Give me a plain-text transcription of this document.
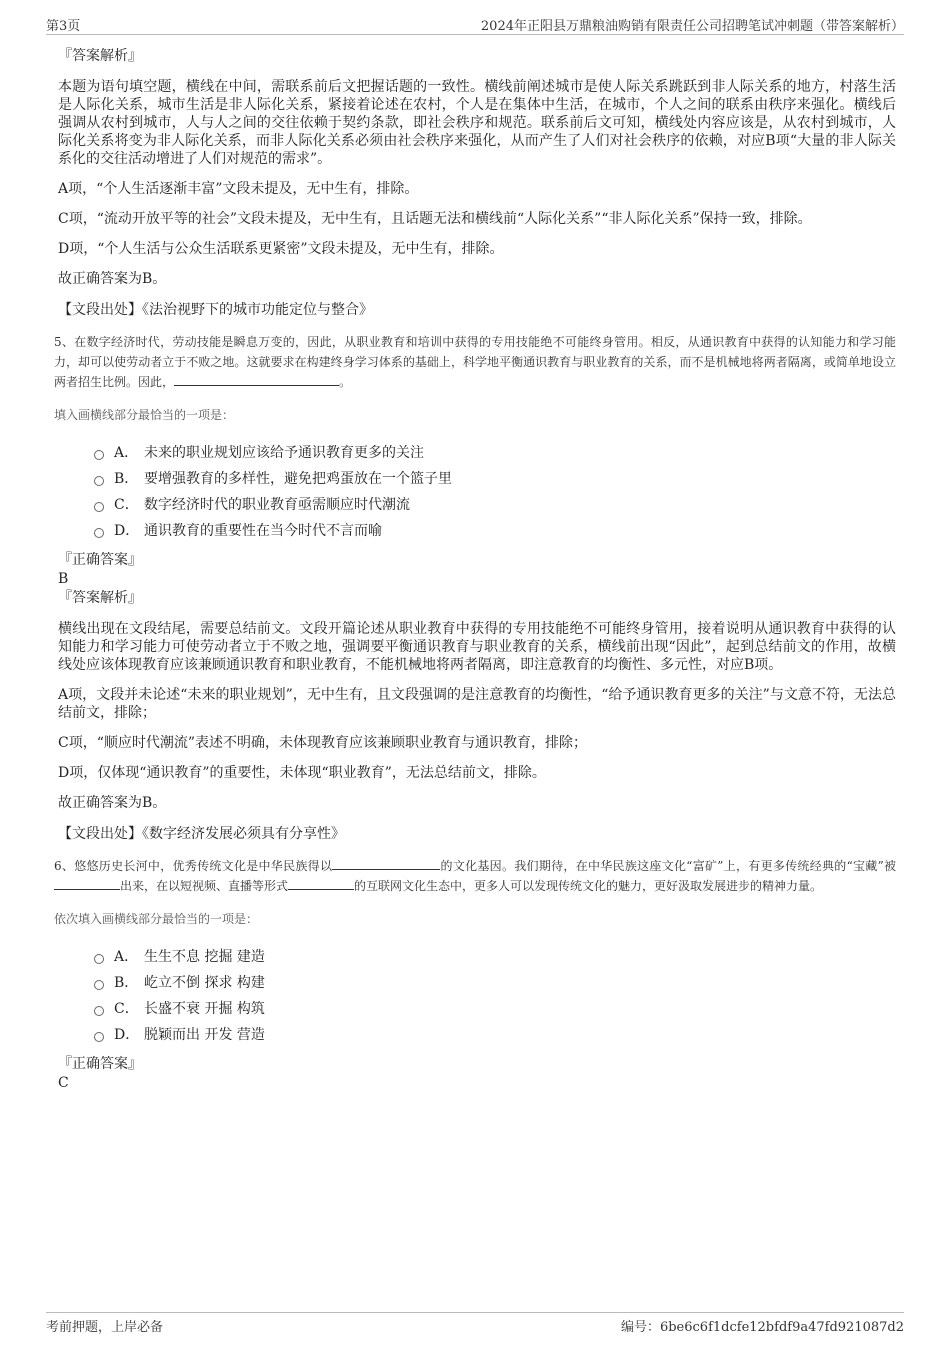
第3页	2024年正阳县万鼎粮油购销有限责任公司招聘笔试冲刺题（带答案解析）
『答案解析』

本题为语句填空题，横线在中间，需联系前后文把握话题的一致性。横线前阐述城市是使人际关系跳跃到非人际关系的地方，村落生活是人际化关系，城市生活是非人际化关系，紧接着论述在农村，个人是在集体中生活，在城市，个人之间的联系由秩序来强化。横线后强调从农村到城市，人与人之间的交往依赖于契约条款，即社会秩序和规范。联系前后文可知，横线处内容应该是，从农村到城市，人际化关系将变为非人际化关系，而非人际化关系必须由社会秩序来强化，从而产生了人们对社会秩序的依赖，对应B项“大量的非人际关系化的交往活动增进了人们对规范的需求”。

A项，“个人生活逐渐丰富”文段未提及，无中生有，排除。

C项，“流动开放平等的社会”文段未提及，无中生有，且话题无法和横线前“人际化关系”“非人际化关系”保持一致，排除。

D项，“个人生活与公众生活联系更紧密”文段未提及，无中生有，排除。

故正确答案为B。

【文段出处】《法治视野下的城市功能定位与整合》
5、在数字经济时代，劳动技能是瞬息万变的，因此，从职业教育和培训中获得的专用技能绝不可能终身管用。相反，从通识教育中获得的认知能力和学习能力，却可以使劳动者立于不败之地。这就要求在构建终身学习体系的基础上，科学地平衡通识教育与职业教育的关系，而不是机械地将两者隔离，或简单地设立两者招生比例。因此，	。
填入画横线部分最恰当的一项是：
A． 未来的职业规划应该给予通识教育更多的关注
B． 要增强教育的多样性，避免把鸡蛋放在一个篮子里
C． 数字经济时代的职业教育亟需顺应时代潮流
D． 通识教育的重要性在当今时代不言而喻
『正确答案』
B
『答案解析』

横线出现在文段结尾，需要总结前文。文段开篇论述从职业教育中获得的专用技能绝不可能终身管用，接着说明从通识教育中获得的认知能力和学习能力可使劳动者立于不败之地，强调要平衡通识教育与职业教育的关系，横线前出现“因此”，起到总结前文的作用，故横线处应该体现教育应该兼顾通识教育和职业教育，不能机械地将两者隔离，即注意教育的均衡性、多元性，对应B项。

A项，文段并未论述“未来的职业规划”，无中生有，且文段强调的是注意教育的均衡性，“给予通识教育更多的关注”与文意不符，无法总结前文，排除；

C项，“顺应时代潮流”表述不明确，未体现教育应该兼顾职业教育与通识教育，排除；

D项，仅体现“通识教育”的重要性，未体现“职业教育”，无法总结前文，排除。

故正确答案为B。

【文段出处】《数字经济发展必须具有分享性》
6、悠悠历史长河中，优秀传统文化是中华民族得以	的文化基因。我们期待，在中华民族这座文化“富矿”上，有更多传统经典的“宝藏”被出来，在以短视频、直播等形式	的互联网文化生态中，更多人可以发现传统文化的魅力，更好汲取发展进步的精神力量。
依次填入画横线部分最恰当的一项是：
A． 生生不息 挖掘 建造
B． 屹立不倒 探求 构建
C． 长盛不衰 开掘 构筑
D． 脱颖而出 开发 营造
『正确答案』
C
考前押题，上岸必备	编号：6be6c6f1dcfe12bfdf9a47fd921087d2
